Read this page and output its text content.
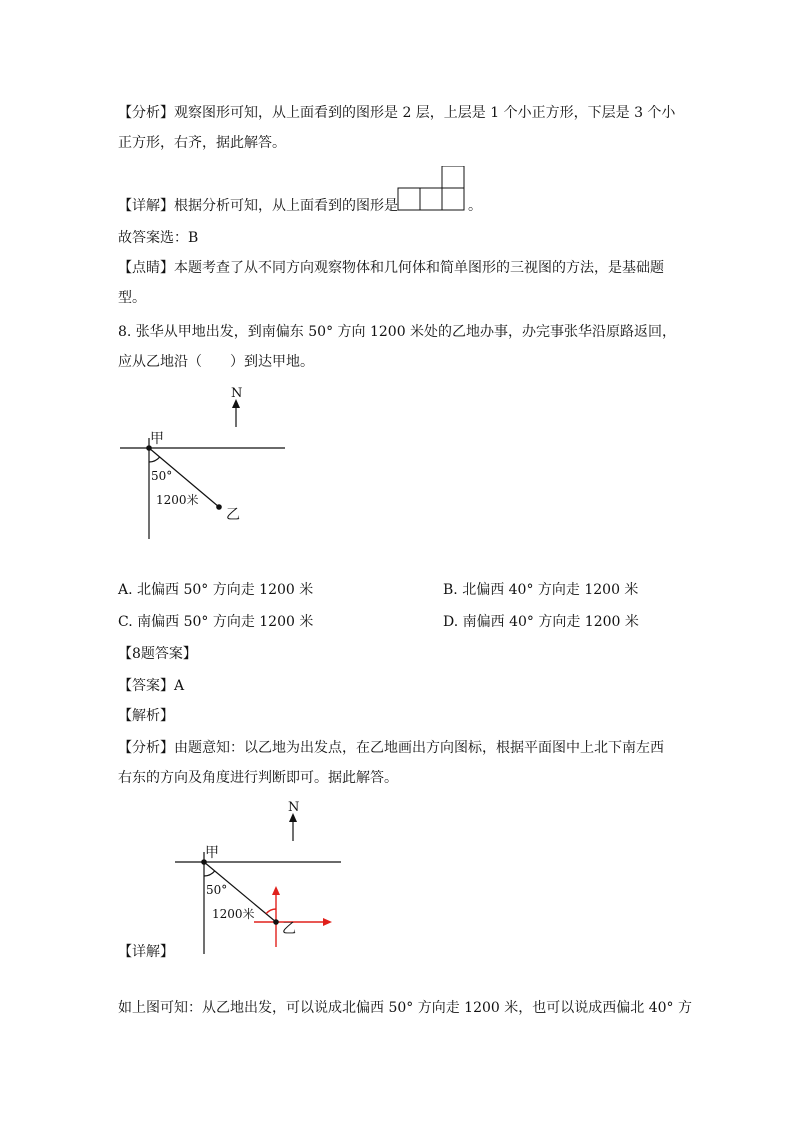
【分析】观察图形可知，从上面看到的图形是 2 层，上层是 1 个小正方形，下层是 3 个小
正方形，右齐，据此解答。
【详解】根据分析可知，从上面看到的图形是	。
故答案选：B
【点睛】本题考查了从不同方向观察物体和几何体和简单图形的三视图的方法，是基础题
型。
8. 张华从甲地出发，到南偏东 50° 方向 1200 米处的乙地办事，办完事张华沿原路返回，
应从乙地沿（　　）到达甲地。
N
甲
50°
1200米
乙
A. 北偏西 50° 方向走 1200 米	B. 北偏西 40° 方向走 1200 米
C. 南偏西 50° 方向走 1200 米	D. 南偏西 40° 方向走 1200 米
【8题答案】
【答案】A
【解析】
【分析】由题意知：以乙地为出发点，在乙地画出方向图标，根据平面图中上北下南左西
右东的方向及角度进行判断即可。据此解答。
N
甲
50°
1200米
乙
【详解】
如上图可知：从乙地出发，可以说成北偏西 50° 方向走 1200 米，也可以说成西偏北 40° 方
